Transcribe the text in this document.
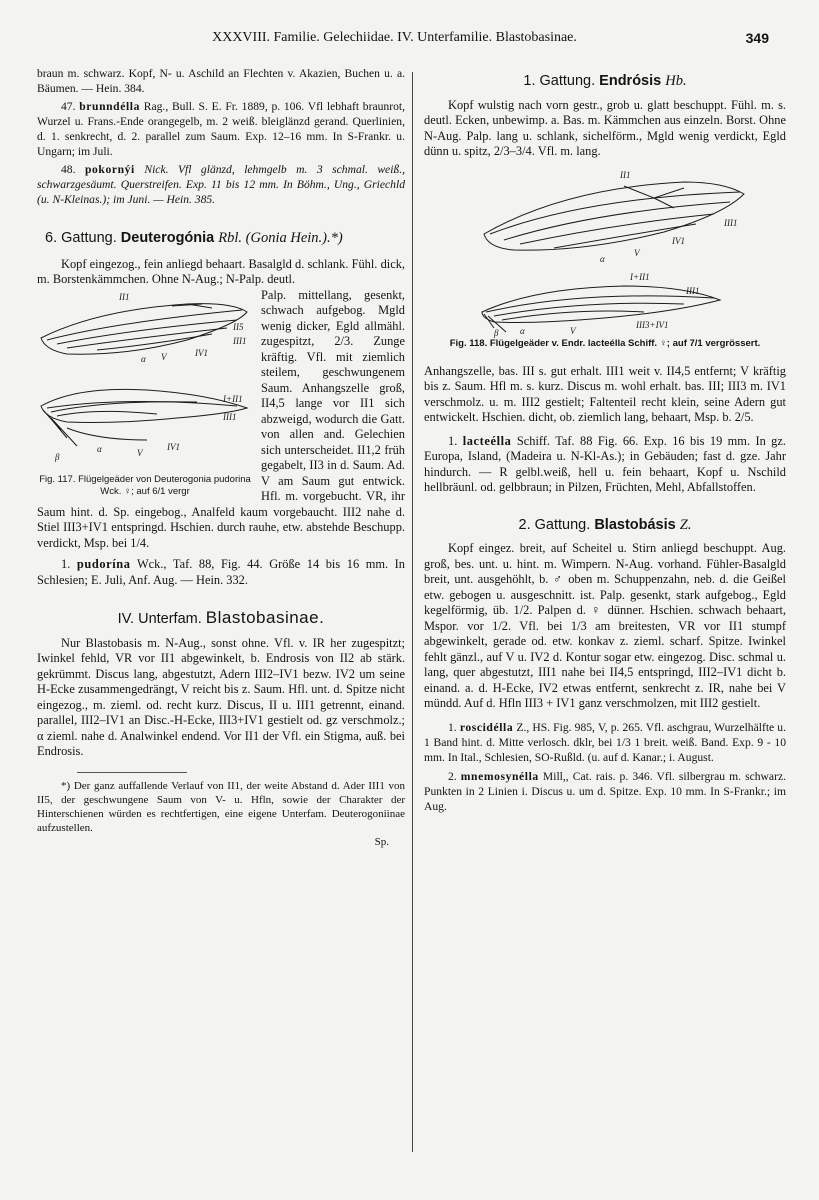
XXXVIII. Familie. Gelechiidae. IV. Unterfamilie. Blastobasinae.	349

braun m. schwarz. Kopf, N- u. Aschild an Flechten v. Akazien, Buchen u. a. Bäumen. — Hein. 384.

47. brunndélla Rag., Bull. S. E. Fr. 1889, p. 106. Vfl lebhaft braunrot, Wurzel u. Frans.-Ende orangegelb, m. 2 weiß. bleiglänzd gerand. Querlinien, d. 1. senkrecht, d. 2. parallel zum Saum. Exp. 12–16 mm. In S-Frankr. u. Ungarn; im Juli.

48. pokornýi Nick. Vfl glänzd, lehmgelb m. 3 schmal. weiß., schwarzgesäumt. Querstreifen. Exp. 11 bis 12 mm. In Böhm., Ung., Griechld (u. N-Kleinas.); im Juni. — Hein. 385.

6. Gattung. Deuterogónia Rbl. (Gonia Hein.).*)

Kopf eingezog., fein anliegd behaart. Basalgld d. schlank. Fühl. dick, m. Borstenkämmchen. Ohne N-Aug.; N-Palp. deutl.

II1
II5
III1
IV1
α V
I+II1
III1
β
α	V
IV1
Fig. 117. Flügelgeäder von Deuterogonia pudorina Wck. ♀; auf 6/1 vergr

Palp. mittellang, gesenkt, schwach aufgebog. Mgld wenig dicker, Egld allmähl. zugespitzt, 2/3. Zunge kräftig. Vfl. mit ziemlich steilem, geschwungenem Saum. Anhangszelle groß, II4,5 lange vor II1 sich abzweigd, wodurch die Gatt. von allen and. Gelechien sich unterscheidet. II1,2 früh gegabelt, II3 in d. Saum. Ad. V am Saum gut entwick. Hfl. m. vorgebucht. VR, ihr Saum hint. d. Sp. eingebog., Analfeld kaum vorgebaucht. III2 nahe d. Stiel III3+IV1 entspringd. Hschien. durch rauhe, etw. abstehde Beschupp. verdickt, Msp. bei 1/4.

1. pudorína Wck., Taf. 88, Fig. 44. Größe 14 bis 16 mm. In Schlesien; E. Juli, Anf. Aug. — Hein. 332.

IV. Unterfam. Blastobasinae.

Nur Blastobasis m. N-Aug., sonst ohne. Vfl. v. IR her zugespitzt; Iwinkel fehld, VR vor II1 abgewinkelt, b. Endrosis von II2 ab stärk. gekrümmt. Discus lang, abgestutzt, Adern III2–IV1 bezw. IV2 um seine H-Ecke zusammengedrängt, V reicht bis z. Saum. Hfl. unt. d. Spitze nicht eingezog., m. zieml. od. recht kurz. Discus, II u. III1 getrennt, einand. parallel, III2–IV1 an Disc.-H-Ecke, III3+IV1 gestielt od. gz verschmolz.; α zieml. nahe d. Analwinkel endend. Vor II1 der Vfl. ein Stigma, auß. bei Endrosis.

*) Der ganz auffallende Verlauf von II1, der weite Abstand d. Ader III1 von II5, der geschwungene Saum von V- u. Hfln, sowie der Charakter der Hinterschienen würden es rechtfertigen, eine eigene Unterfam. Deuterogoniinae aufzustellen.

Sp.

1. Gattung. Endrósis Hb.

Kopf wulstig nach vorn gestr., grob u. glatt beschuppt. Fühl. m. s. deutl. Ecken, unbewimp. a. Bas. m. Kämmchen aus einzeln. Borst. Ohne N-Aug. Palp. lang u. schlank, sichelförm., Mgld wenig verdickt, Egld dünn u. spitz, 2/3–3/4. Vfl. m. lang.

II1
III1
IV1
α
V
I+II1
III1
β α	V
III3+IV1
Fig. 118. Flügelgeäder v. Endr. lacteélla Schiff. ♀; auf 7/1 vergrössert.

Anhangszelle, bas. III s. gut erhalt. III1 weit v. II4,5 entfernt; V kräftig bis z. Saum. Hfl m. s. kurz. Discus m. wohl erhalt. bas. III; III3 m. IV1 verschmolz. u. m. III2 gestielt; Faltenteil recht klein, seine Adern gut entwickelt. Hschien. dicht, ob. ziemlich lang, behaart, Msp. b. 2/5.

1. lacteélla Schiff. Taf. 88 Fig. 66. Exp. 16 bis 19 mm. In gz. Europa, Island, (Madeira u. N-Kl-As.); in Gebäuden; fast d. gze. Jahr hindurch. — R gelbl.weiß, hell u. fein behaart, Kopf u. Nschild hellbräunl. od. gelbbraun; in Pilzen, Früchten, Mehl, Abfallstoffen.

2. Gattung. Blastobásis Z.

Kopf eingez. breit, auf Scheitel u. Stirn anliegd beschuppt. Aug. groß, bes. unt. u. hint. m. Wimpern. N-Aug. vorhand. Fühler-Basalgld breit, unt. ausgehöhlt, b. ♂ oben m. Schuppenzahn, neb. d. die Geißel etw. gebogen u. ausgeschnitt. ist. Palp. gesenkt, stark aufgebog., Egld kegelförmig, üb. 1/2. Palpen d. ♀ dünner. Hschien. schwach behaart, Mspor. vor 1/2. Vfl. bei 1/3 am breitesten, VR vor II1 stumpf abgewinkelt, gerade od. etw. konkav z. zieml. scharf. Spitze. Iwinkel fehlt gänzl., auf V u. IV2 d. Kontur sogar etw. eingezog. Disc. schmal u. lang, quer abgestutzt, III1 nahe bei II4,5 entspringd, III2–IV1 dicht b. einand. a. d. H-Ecke, IV2 etwas entfernt, senkrecht z. IR, nahe bei V mündd. Auf d. Hfln III3 + IV1 ganz verschmolzen, mit III2 gestielt.

1. roscidélla Z., HS. Fig. 985, V, p. 265. Vfl. aschgrau, Wurzelhälfte u. 1 Band hint. d. Mitte verlosch. dklr, bei 1/3 1 breit. weiß. Band. Exp. 9 - 10 mm. In Ital., Schlesien, SO-Rußld. (u. auf d. Kanar.; i. August.

2. mnemosynélla Mill,, Cat. rais. p. 346. Vfl. silbergrau m. schwarz. Punkten in 2 Linien i. Discus u. um d. Spitze. Exp. 10 mm. In S-Frankr.; im Aug.
